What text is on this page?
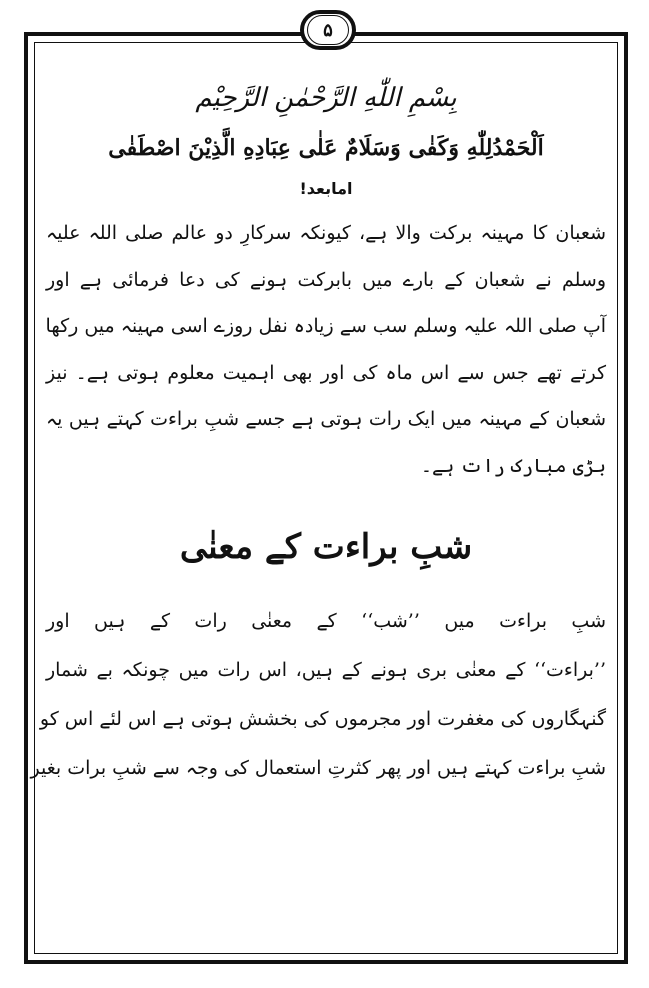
۵
بِسْمِ اللّٰهِ الرَّحْمٰنِ الرَّحِیْم
اَلْحَمْدُلِلّٰهِ وَكَفٰى وَسَلَامٌ عَلٰى عِبَادِهِ الَّذِيْنَ اصْطَفٰى
امابعد!
شعبان کا مہینہ برکت والا ہے، کیونکہ سرکارِ دو عالم صلی اللہ علیہ
وسلم نے شعبان کے بارے میں بابرکت ہونے کی دعا فرمائی ہے اور
آپ صلی اللہ علیہ وسلم سب سے زیادہ نفل روزے اسی مہینہ میں رکھا
کرتے تھے جس سے اس ماہ کی اور بھی اہمیت معلوم ہوتی ہے۔ نیز
شعبان کے مہینہ میں ایک رات ہوتی ہے جسے شبِ براءت کہتے ہیں یہ
بڑی مبارک رات ہے۔
شبِ براءت کے معنٰی
شبِ براءت میں ’’شب‘‘ کے معنٰی رات کے ہیں اور
’’براءت‘‘ کے معنٰی بری ہونے کے ہیں، اس رات میں چونکہ بے شمار
گنہگاروں کی مغفرت اور مجرموں کی بخشش ہوتی ہے اس لئے اس کو
شبِ براءت کہتے ہیں اور پھر کثرتِ استعمال کی وجہ سے شبِ برات بغیر
